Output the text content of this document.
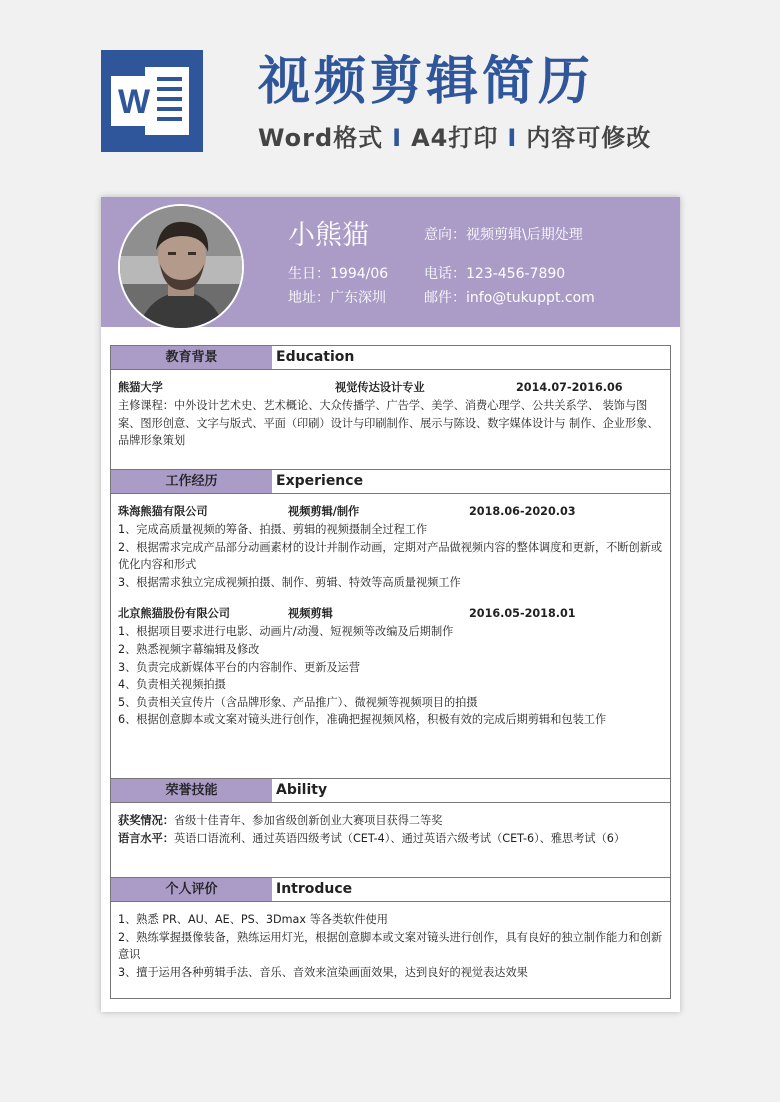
W 视频剪辑简历
Word格式 I A4打印 I 内容可修改
小熊猫	意向：视频剪辑\后期处理
生日：1994/06	电话：123-456-7890
地址：广东深圳	邮件：info@tukuppt.com
教育背景	Education
熊猫大学	视觉传达设计专业	2014.07-2016.06
主修课程：中外设计艺术史、艺术概论、大众传播学、广告学、美学、消费心理学、公共关系学、 装饰与图案、图形创意、文字与版式、平面（印刷）设计与印刷制作、展示与陈设、数字媒体设计与 制作、企业形象、品牌形象策划
工作经历	Experience
珠海熊猫有限公司	视频剪辑/制作	2018.06-2020.03
1、完成高质量视频的筹备、拍摄、剪辑的视频摄制全过程工作
2、根据需求完成产品部分动画素材的设计并制作动画，定期对产品做视频内容的整体调度和更新，不断创新或优化内容和形式
3、根据需求独立完成视频拍摄、制作、剪辑、特效等高质量视频工作
北京熊猫股份有限公司	视频剪辑	2016.05-2018.01
1、根据项目要求进行电影、动画片/动漫、短视频等改编及后期制作
2、熟悉视频字幕编辑及修改
3、负责完成新媒体平台的内容制作、更新及运营
4、负责相关视频拍摄
5、负责相关宣传片（含品牌形象、产品推广）、微视频等视频项目的拍摄
6、根据创意脚本或文案对镜头进行创作，准确把握视频风格，积极有效的完成后期剪辑和包装工作
荣誉技能	Ability
获奖情况：省级十佳青年、参加省级创新创业大赛项目获得二等奖
语言水平：英语口语流利、通过英语四级考试（CET-4）、通过英语六级考试（CET-6）、雅思考试（6）
个人评价	Introduce
1、熟悉 PR、AU、AE、PS、3Dmax 等各类软件使用
2、熟练掌握摄像装备，熟练运用灯光，根据创意脚本或文案对镜头进行创作，具有良好的独立制作能力和创新意识
3、擅于运用各种剪辑手法、音乐、音效来渲染画面效果，达到良好的视觉表达效果
